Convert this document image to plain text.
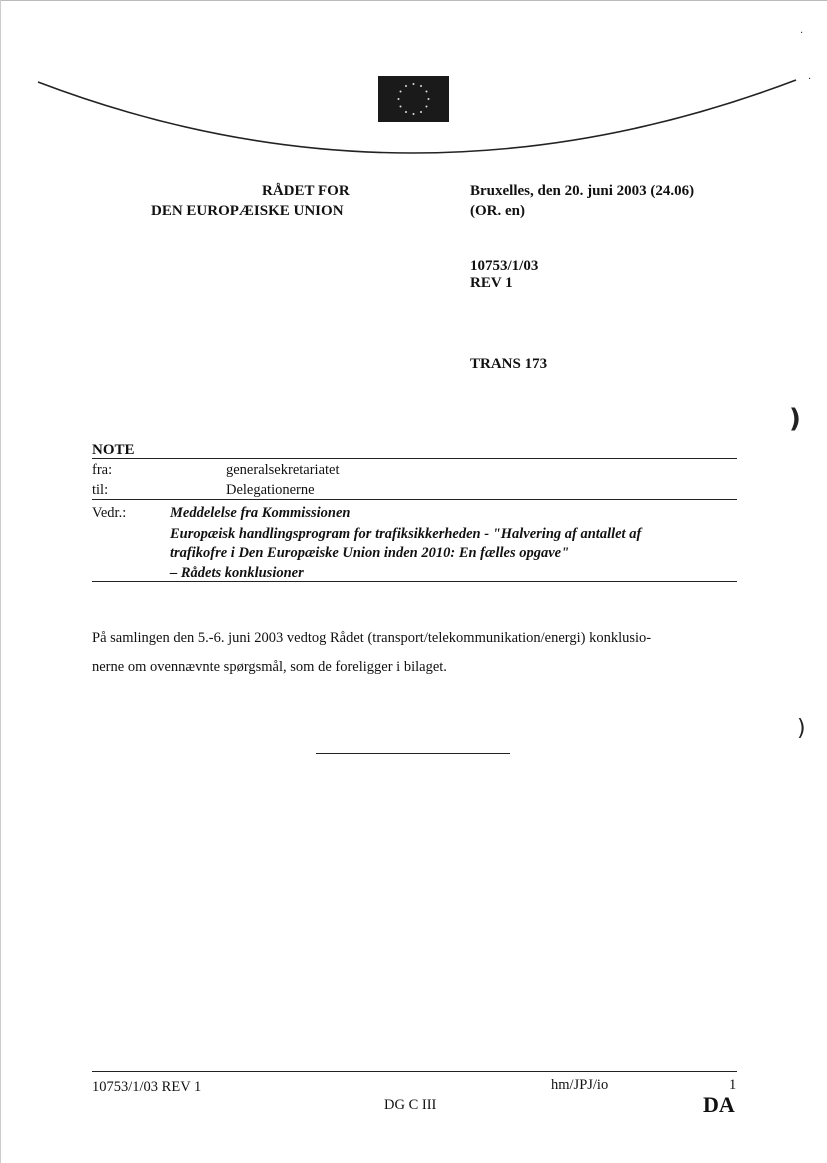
·
·
)
)
RÅDET FOR
DEN EUROPÆISKE UNION
Bruxelles, den 20. juni 2003 (24.06)
(OR. en)
10753/1/03
REV 1
TRANS 173
NOTE
fra:	generalsekretariatet
til:	Delegationerne
Vedr.:	Meddelelse fra Kommissionen
Europæisk handlingsprogram for trafiksikkerheden - "Halvering af antallet af
trafikofre i Den Europæiske Union inden 2010: En fælles opgave"
– Rådets konklusioner
På samlingen den 5.-6. juni 2003 vedtog Rådet (transport/telekommunikation/energi) konklusio-
nerne om ovennævnte spørgsmål, som de foreligger i bilaget.
10753/1/03 REV 1	hm/JPJ/io	1
DG C III	DA
